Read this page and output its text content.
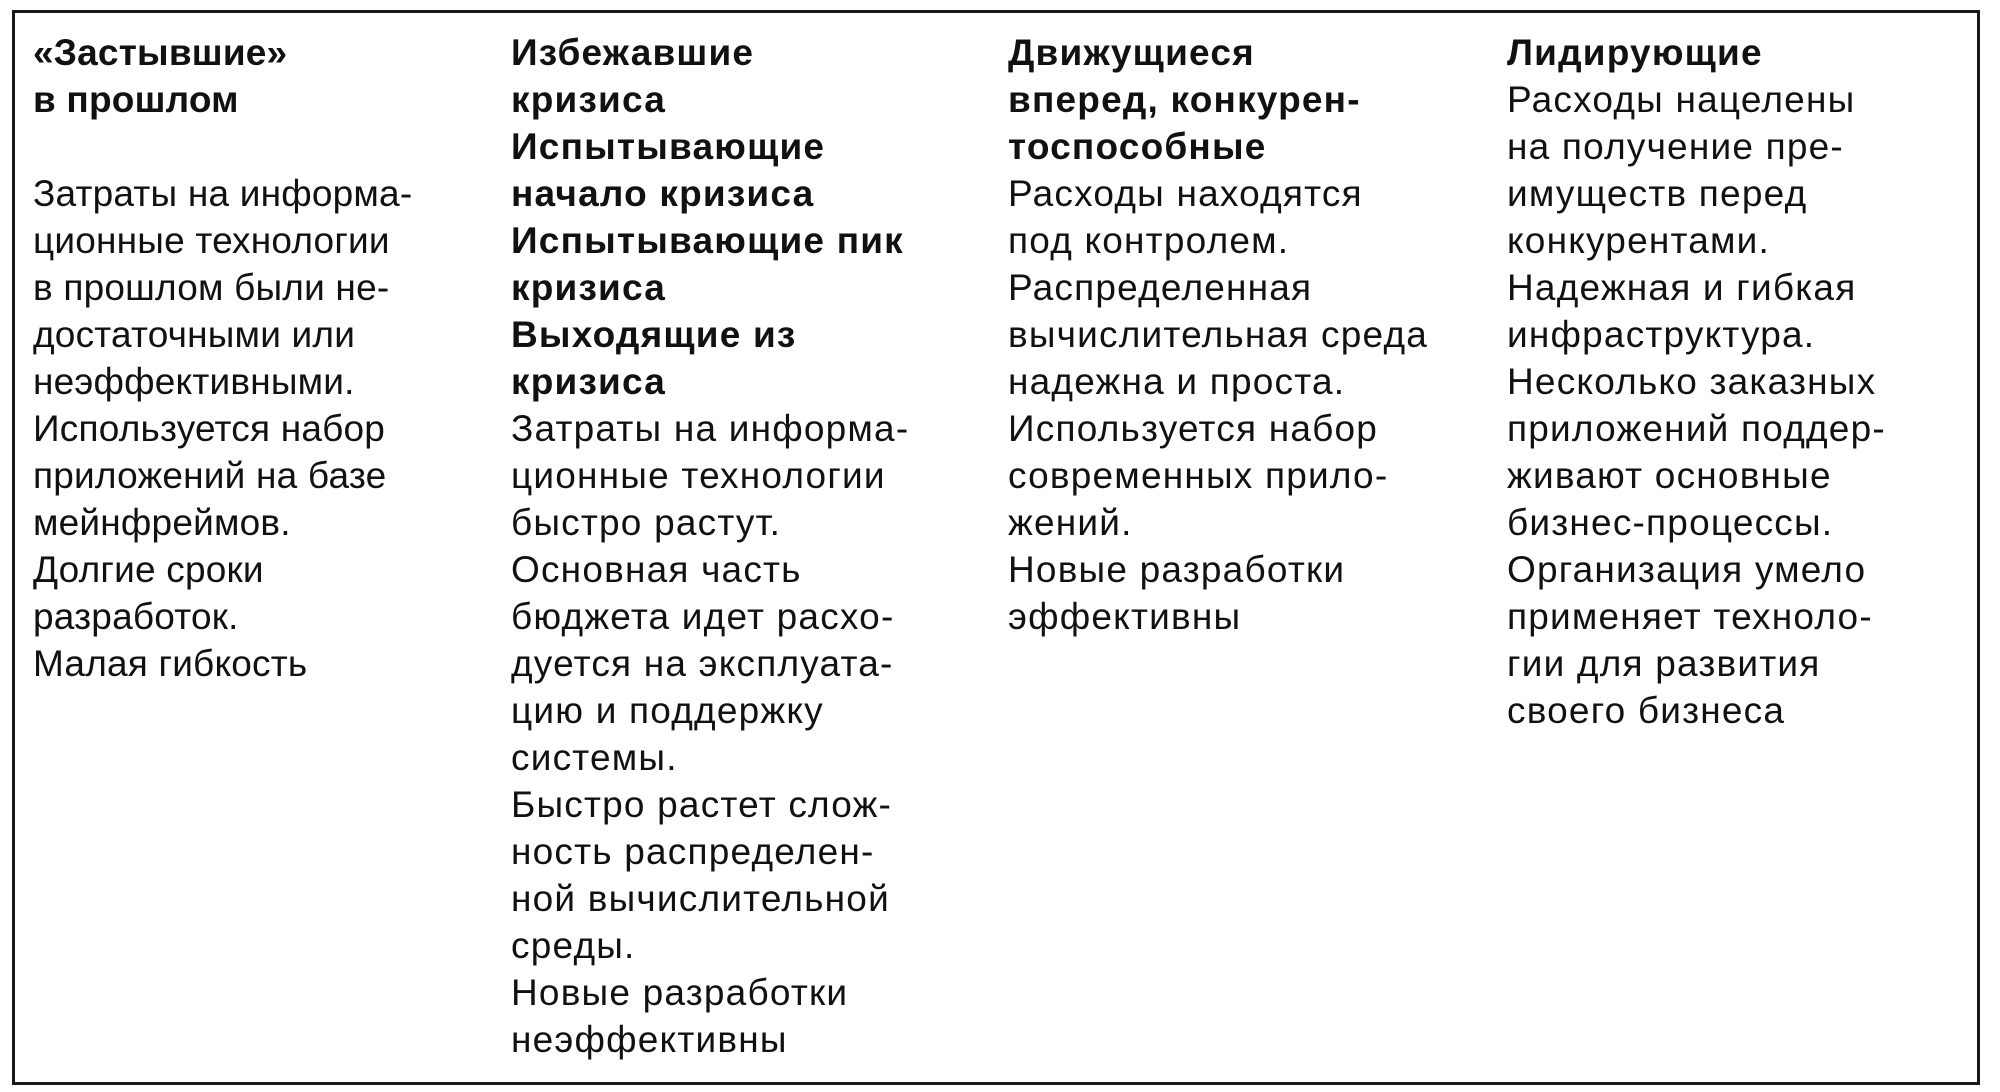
«Застывшие»
в прошлом

Затраты на информа-
ционные технологии
в прошлом были не-
достаточными или
неэффективными.
Используется набор
приложений на базе
мейнфреймов.
Долгие сроки
разработок.
Малая гибкость

Избежавшие
кризиса
Испытывающие
начало кризиса
Испытывающие пик
кризиса
Выходящие из
кризиса

Затраты на информа-
ционные технологии
быстро растут.
Основная часть
бюджета идет расхо-
дуется на эксплуата-
цию и поддержку
системы.
Быстро растет слож-
ность распределен-
ной вычислительной
среды.
Новые разработки
неэффективны

Движущиеся
вперед, конкурен-
тоспособные

Расходы находятся
под контролем.
Распределенная
вычислительная среда
надежна и проста.
Используется набор
современных прило-
жений.
Новые разработки
эффективны

Лидирующие

Расходы нацелены
на получение пре-
имуществ перед
конкурентами.
Надежная и гибкая
инфраструктура.
Несколько заказных
приложений поддер-
живают основные
бизнес-процессы.
Организация умело
применяет техноло-
гии для развития
своего бизнеса
